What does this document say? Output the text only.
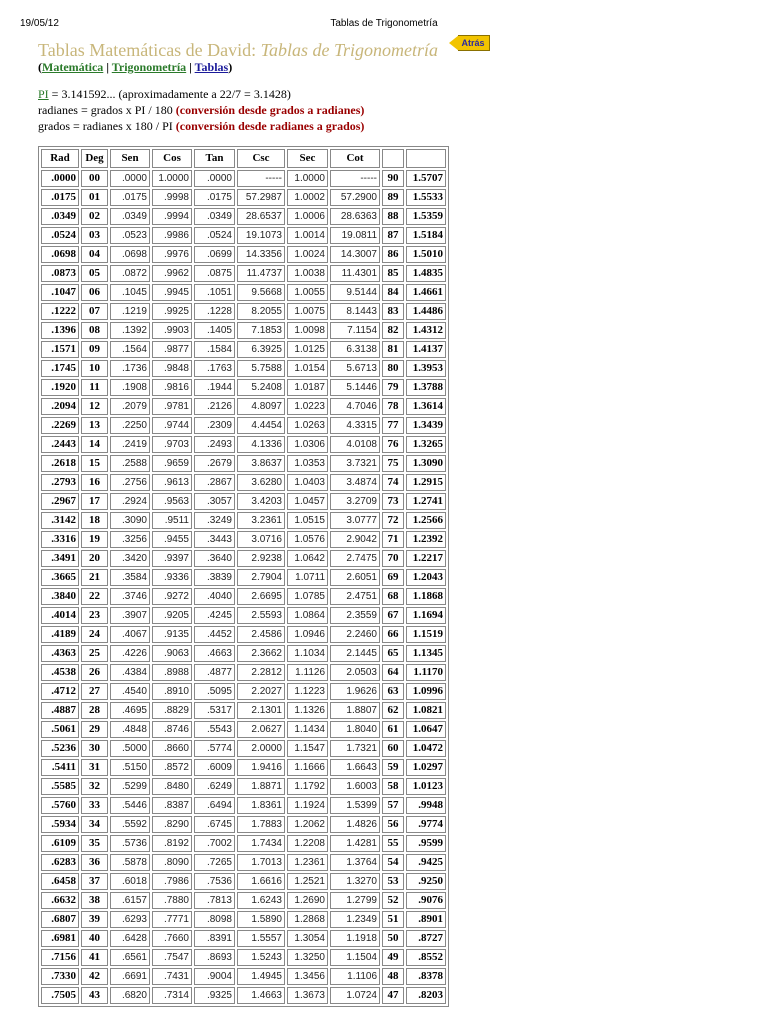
19/05/12	Tablas de Trigonometría
Tablas Matemáticas de David: Tablas de Trigonometría	Atrás
(Matemática | Trigonometría | Tablas)
PI = 3.141592... (aproximadamente a 22/7 = 3.1428)
radianes = grados x PI / 180 (conversión desde grados a radianes)
grados = radianes x 180 / PI (conversión desde radianes a grados)
Rad	Deg	Sen	Cos	Tan	Csc	Sec	Cot		
.0000	00	.0000	1.0000	.0000	-----	1.0000	-----	90	1.5707
.0175	01	.0175	.9998	.0175	57.2987	1.0002	57.2900	89	1.5533
.0349	02	.0349	.9994	.0349	28.6537	1.0006	28.6363	88	1.5359
.0524	03	.0523	.9986	.0524	19.1073	1.0014	19.0811	87	1.5184
.0698	04	.0698	.9976	.0699	14.3356	1.0024	14.3007	86	1.5010
.0873	05	.0872	.9962	.0875	11.4737	1.0038	11.4301	85	1.4835
.1047	06	.1045	.9945	.1051	9.5668	1.0055	9.5144	84	1.4661
.1222	07	.1219	.9925	.1228	8.2055	1.0075	8.1443	83	1.4486
.1396	08	.1392	.9903	.1405	7.1853	1.0098	7.1154	82	1.4312
.1571	09	.1564	.9877	.1584	6.3925	1.0125	6.3138	81	1.4137
.1745	10	.1736	.9848	.1763	5.7588	1.0154	5.6713	80	1.3953
.1920	11	.1908	.9816	.1944	5.2408	1.0187	5.1446	79	1.3788
.2094	12	.2079	.9781	.2126	4.8097	1.0223	4.7046	78	1.3614
.2269	13	.2250	.9744	.2309	4.4454	1.0263	4.3315	77	1.3439
.2443	14	.2419	.9703	.2493	4.1336	1.0306	4.0108	76	1.3265
.2618	15	.2588	.9659	.2679	3.8637	1.0353	3.7321	75	1.3090
.2793	16	.2756	.9613	.2867	3.6280	1.0403	3.4874	74	1.2915
.2967	17	.2924	.9563	.3057	3.4203	1.0457	3.2709	73	1.2741
.3142	18	.3090	.9511	.3249	3.2361	1.0515	3.0777	72	1.2566
.3316	19	.3256	.9455	.3443	3.0716	1.0576	2.9042	71	1.2392
.3491	20	.3420	.9397	.3640	2.9238	1.0642	2.7475	70	1.2217
.3665	21	.3584	.9336	.3839	2.7904	1.0711	2.6051	69	1.2043
.3840	22	.3746	.9272	.4040	2.6695	1.0785	2.4751	68	1.1868
.4014	23	.3907	.9205	.4245	2.5593	1.0864	2.3559	67	1.1694
.4189	24	.4067	.9135	.4452	2.4586	1.0946	2.2460	66	1.1519
.4363	25	.4226	.9063	.4663	2.3662	1.1034	2.1445	65	1.1345
.4538	26	.4384	.8988	.4877	2.2812	1.1126	2.0503	64	1.1170
.4712	27	.4540	.8910	.5095	2.2027	1.1223	1.9626	63	1.0996
.4887	28	.4695	.8829	.5317	2.1301	1.1326	1.8807	62	1.0821
.5061	29	.4848	.8746	.5543	2.0627	1.1434	1.8040	61	1.0647
.5236	30	.5000	.8660	.5774	2.0000	1.1547	1.7321	60	1.0472
.5411	31	.5150	.8572	.6009	1.9416	1.1666	1.6643	59	1.0297
.5585	32	.5299	.8480	.6249	1.8871	1.1792	1.6003	58	1.0123
.5760	33	.5446	.8387	.6494	1.8361	1.1924	1.5399	57	.9948
.5934	34	.5592	.8290	.6745	1.7883	1.2062	1.4826	56	.9774
.6109	35	.5736	.8192	.7002	1.7434	1.2208	1.4281	55	.9599
.6283	36	.5878	.8090	.7265	1.7013	1.2361	1.3764	54	.9425
.6458	37	.6018	.7986	.7536	1.6616	1.2521	1.3270	53	.9250
.6632	38	.6157	.7880	.7813	1.6243	1.2690	1.2799	52	.9076
.6807	39	.6293	.7771	.8098	1.5890	1.2868	1.2349	51	.8901
.6981	40	.6428	.7660	.8391	1.5557	1.3054	1.1918	50	.8727
.7156	41	.6561	.7547	.8693	1.5243	1.3250	1.1504	49	.8552
.7330	42	.6691	.7431	.9004	1.4945	1.3456	1.1106	48	.8378
.7505	43	.6820	.7314	.9325	1.4663	1.3673	1.0724	47	.8203
